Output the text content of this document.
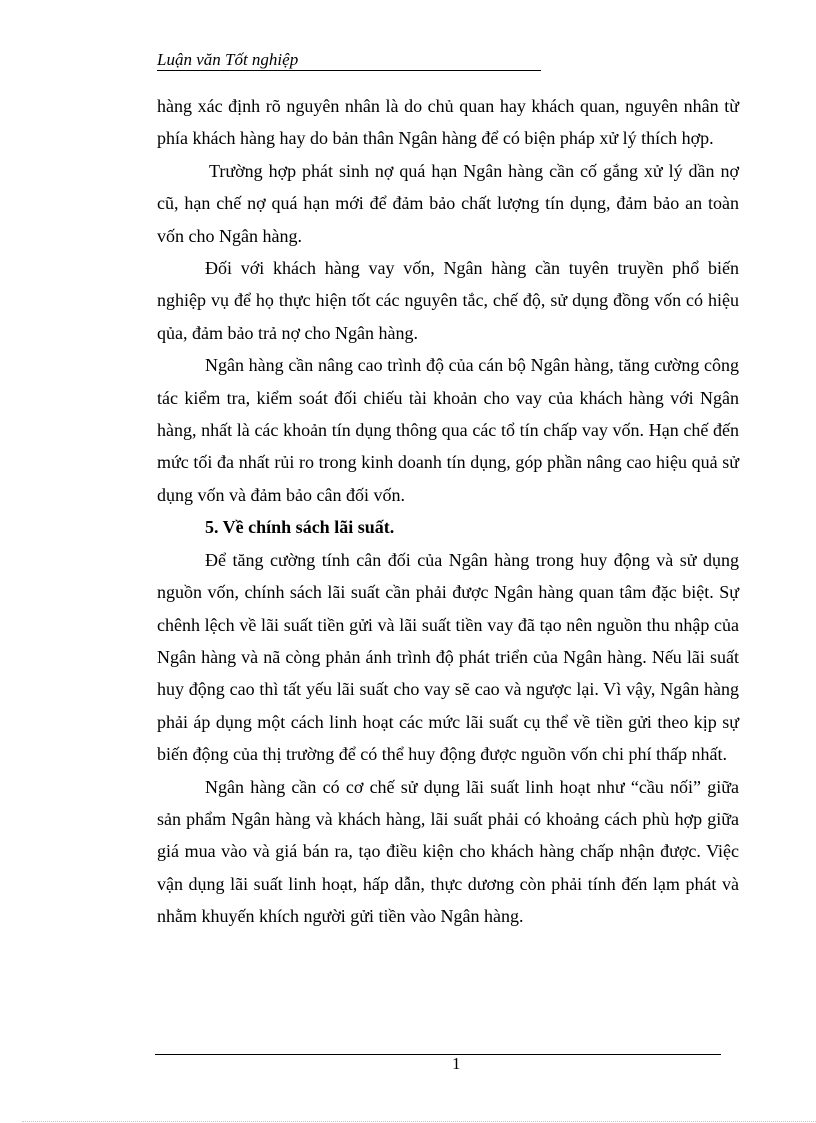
Luận văn Tốt nghiệp

hàng xác định rõ nguyên nhân là do chủ quan hay khách quan, nguyên nhân từ phía khách hàng hay do bản thân Ngân hàng để có biện pháp xử lý thích hợp.

Trường hợp phát sinh nợ quá hạn Ngân hàng cần cố gắng xử lý dần nợ cũ, hạn chế nợ quá hạn mới để đảm bảo chất lượng tín dụng, đảm bảo an toàn vốn cho Ngân hàng.

Đối với khách hàng vay vốn, Ngân hàng cần tuyên truyền phổ biến nghiệp vụ để họ thực hiện tốt các nguyên tắc, chế độ, sử dụng đồng vốn có hiệu qủa, đảm bảo trả nợ cho Ngân hàng.

Ngân hàng cần nâng cao trình độ của cán bộ Ngân hàng, tăng cường công tác kiểm tra, kiểm soát đối chiếu tài khoản cho vay của khách hàng với Ngân hàng, nhất là các khoản tín dụng thông qua các tổ tín chấp vay vốn. Hạn chế đến mức tối đa nhất rủi ro trong kinh doanh tín dụng, góp phần nâng cao hiệu quả sử dụng vốn và đảm bảo cân đối vốn.

5. Về chính sách lãi suất.

Để tăng cường tính cân đối của Ngân hàng trong huy động và sử dụng nguồn vốn, chính sách lãi suất cần phải được Ngân hàng quan tâm đặc biệt. Sự chênh lệch về lãi suất tiền gửi và lãi suất tiền vay đã tạo nên nguồn thu nhập của Ngân hàng và nã còng phản ánh trình độ phát triển của Ngân hàng. Nếu lãi suất huy động cao thì tất yếu lãi suất cho vay sẽ cao và ngược lại. Vì vậy, Ngân hàng phải áp dụng một cách linh hoạt các mức lãi suất cụ thể về tiền gửi theo kịp sự biến động của thị trường để có thể huy động được nguồn vốn chi phí thấp nhất.

Ngân hàng cần có cơ chế sử dụng lãi suất linh hoạt như “cầu nối” giữa sản phẩm Ngân hàng và khách hàng, lãi suất phải có khoảng cách phù hợp giữa giá mua vào và giá bán ra, tạo điều kiện cho khách hàng chấp nhận được. Việc vận dụng lãi suất linh hoạt, hấp dẫn, thực dương còn phải tính đến lạm phát và nhằm khuyến khích người gửi tiền vào Ngân hàng.

1
